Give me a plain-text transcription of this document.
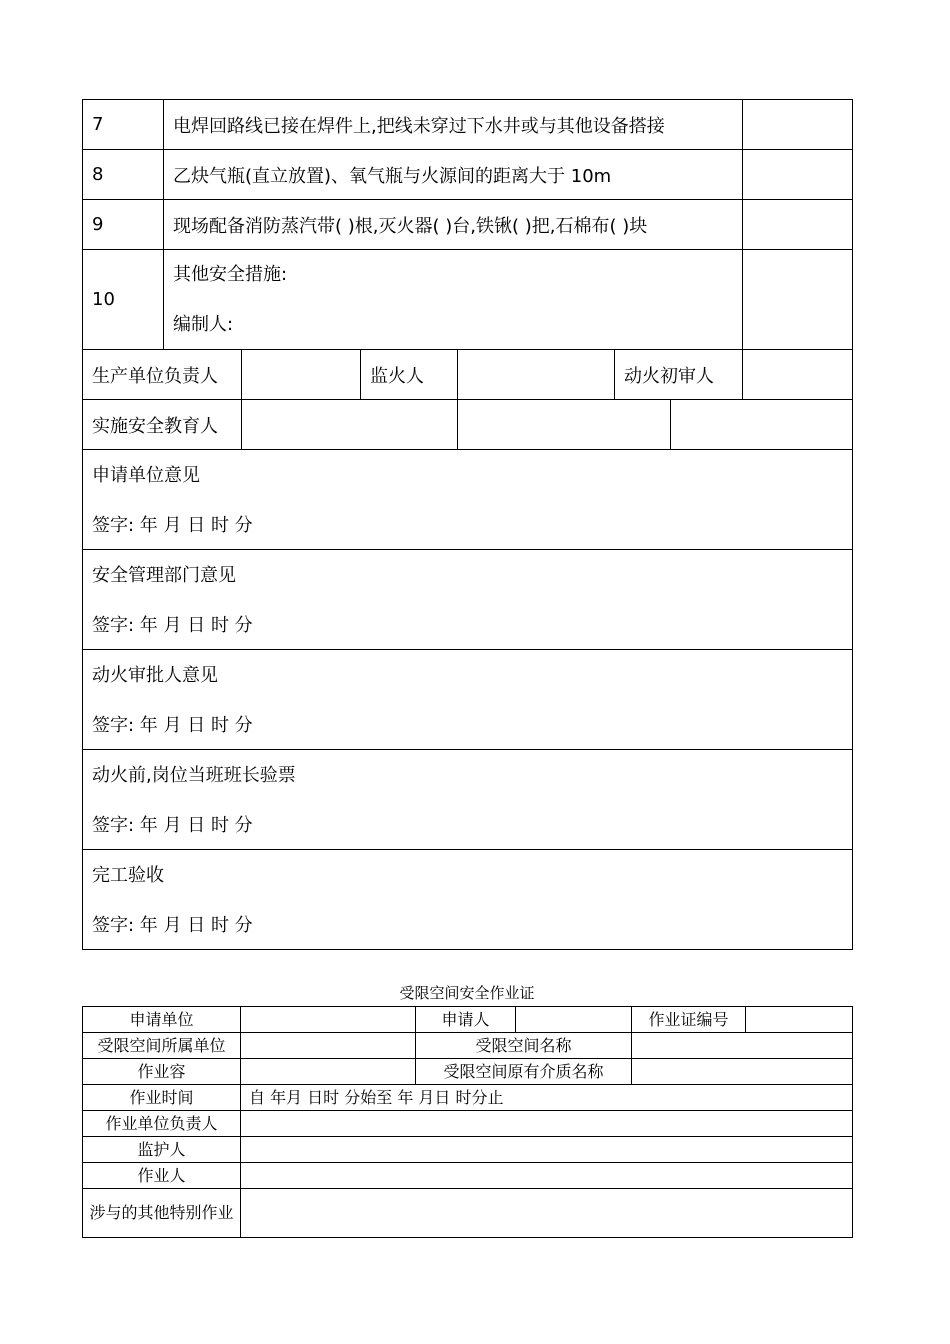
7	电焊回路线已接在焊件上,把线未穿过下水井或与其他设备搭接						
8	乙炔气瓶(直立放置)、氧气瓶与火源间的距离大于 10m						
9	现场配备消防蒸汽带( )根,灭火器( )台,铁锹( )把,石棉布( )块						
10	其他安全措施:
编制人:						

生产单位负责人			监火人		动火初审人		
实施安全教育人							

申请单位意见
签字: 年 月 日 时 分							

安全管理部门意见
签字: 年 月 日 时 分							

动火审批人意见
签字: 年 月 日 时 分							

动火前,岗位当班班长验票
签字: 年 月 日 时 分							

完工验收
签字: 年 月 日 时 分							
受限空间安全作业证
申请单位		申请人		作业证编号	
受限空间所属单位		受限空间名称			
作业容		受限空间原有介质名称			
作业时间	自 年月 日时 分始至 年 月日 时分止				
作业单位负责人					
监护人					
作业人					
涉与的其他特别作业					
